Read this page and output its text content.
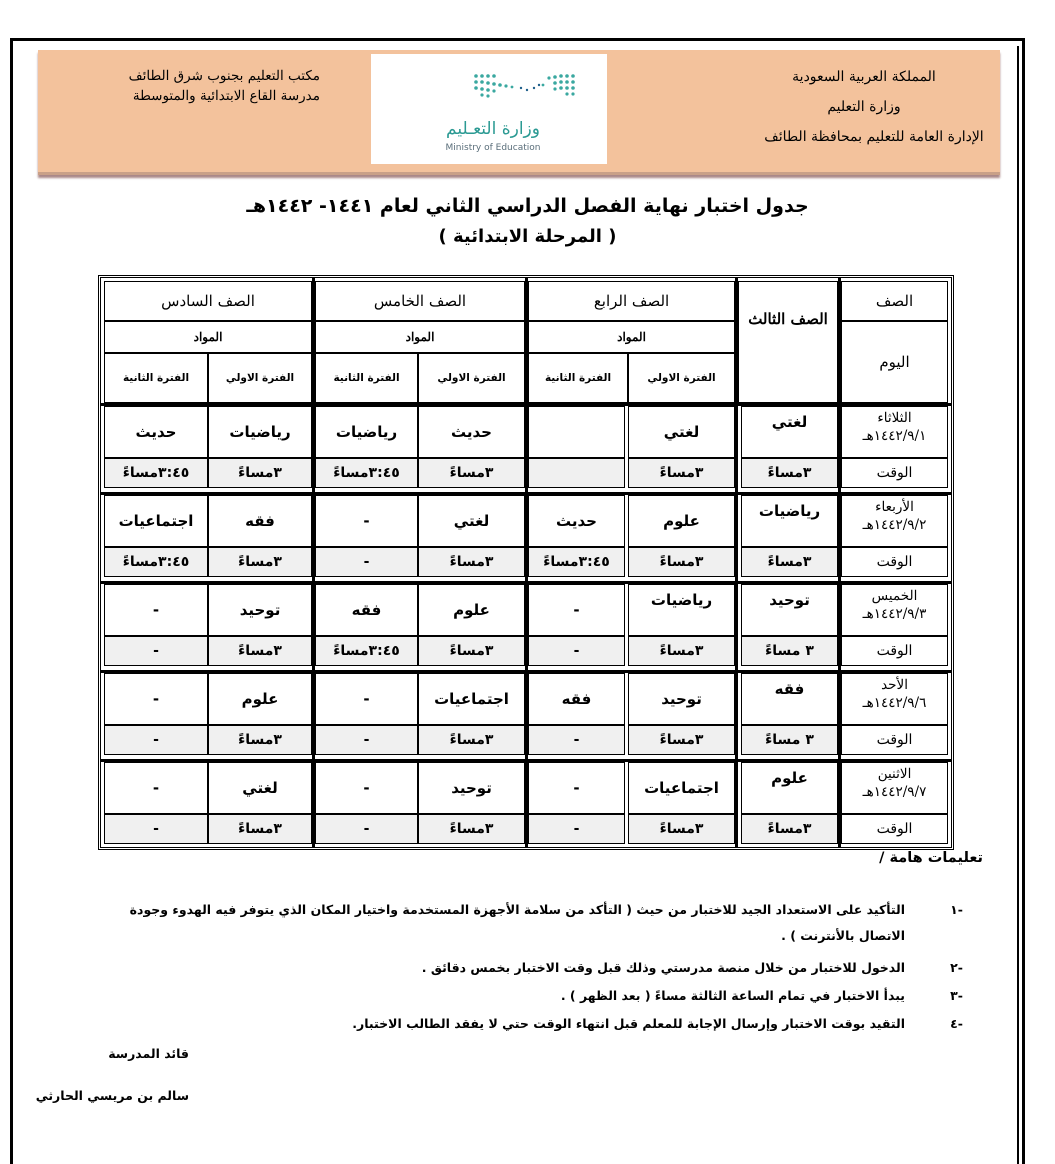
المملكة العربية السعودية
وزارة التعليم
الإدارة العامة للتعليم بمحافظة الطائف
وزارة التعـليم
Ministry of Education
مكتب التعليم بجنوب شرق الطائف
مدرسة القاع الابتدائية والمتوسطة
جدول اختبار نهاية الفصل الدراسي الثاني لعام ١٤٤١- ١٤٤٢هـ
( المرحلة الابتدائية )
الصف
اليوم
الصف الثالث
الصف الرابع
المواد
الفترة الاولي
الفترة الثانية
الصف الخامس
المواد
الفترة الاولي
الفترة الثانية
الصف السادس
المواد
الفترة الاولي
الفترة الثانية
الثلاثاء
١٤٤٢/٩/١هـ
الوقت
لغتي
٣مساءً
لغتي
٣مساءً
حديث
٣مساءً
رياضيات
٣:٤٥مساءً
رياضيات
٣مساءً
حديث
٣:٤٥مساءً
الأربعاء
١٤٤٢/٩/٢هـ
الوقت
رياضيات
٣مساءً
علوم
٣مساءً
حديث
٣:٤٥مساءً
لغتي
٣مساءً
-
-
فقه
٣مساءً
اجتماعيات
٣:٤٥مساءً
الخميس
١٤٤٢/٩/٣هـ
الوقت
توحيد
٣ مساءً
رياضيات
٣مساءً
-
-
علوم
٣مساءً
فقه
٣:٤٥مساءً
توحيد
٣مساءً
-
-
الأحد
١٤٤٢/٩/٦هـ
الوقت
فقه
٣ مساءً
توحيد
٣مساءً
فقه
-
اجتماعيات
٣مساءً
-
-
علوم
٣مساءً
-
-
الاثنين
١٤٤٢/٩/٧هـ
الوقت
علوم
٣مساءً
اجتماعيات
٣مساءً
-
-
توحيد
٣مساءً
-
-
لغتي
٣مساءً
-
-
تعليمات هامة /
-١
التأكيد على الاستعداد الجيد للاختبار من حيث ( التأكد من سلامة الأجهزة المستخدمة واختيار المكان الذي يتوفر فيه الهدوء وجودة الاتصال بالأنترنت ) .
-٢
الدخول للاختبار من خلال منصة مدرستي وذلك قبل وقت الاختبار بخمس دقائق .
-٣
يبدأ الاختبار في تمام الساعة الثالثة مساءً ( بعد الظهر ) .
-٤
التقيد بوقت الاختبار وإرسال الإجابة للمعلم قبل انتهاء الوقت حتي لا يفقد الطالب الاختبار.
قائد المدرسة
سالم بن مريسي الحارثي
